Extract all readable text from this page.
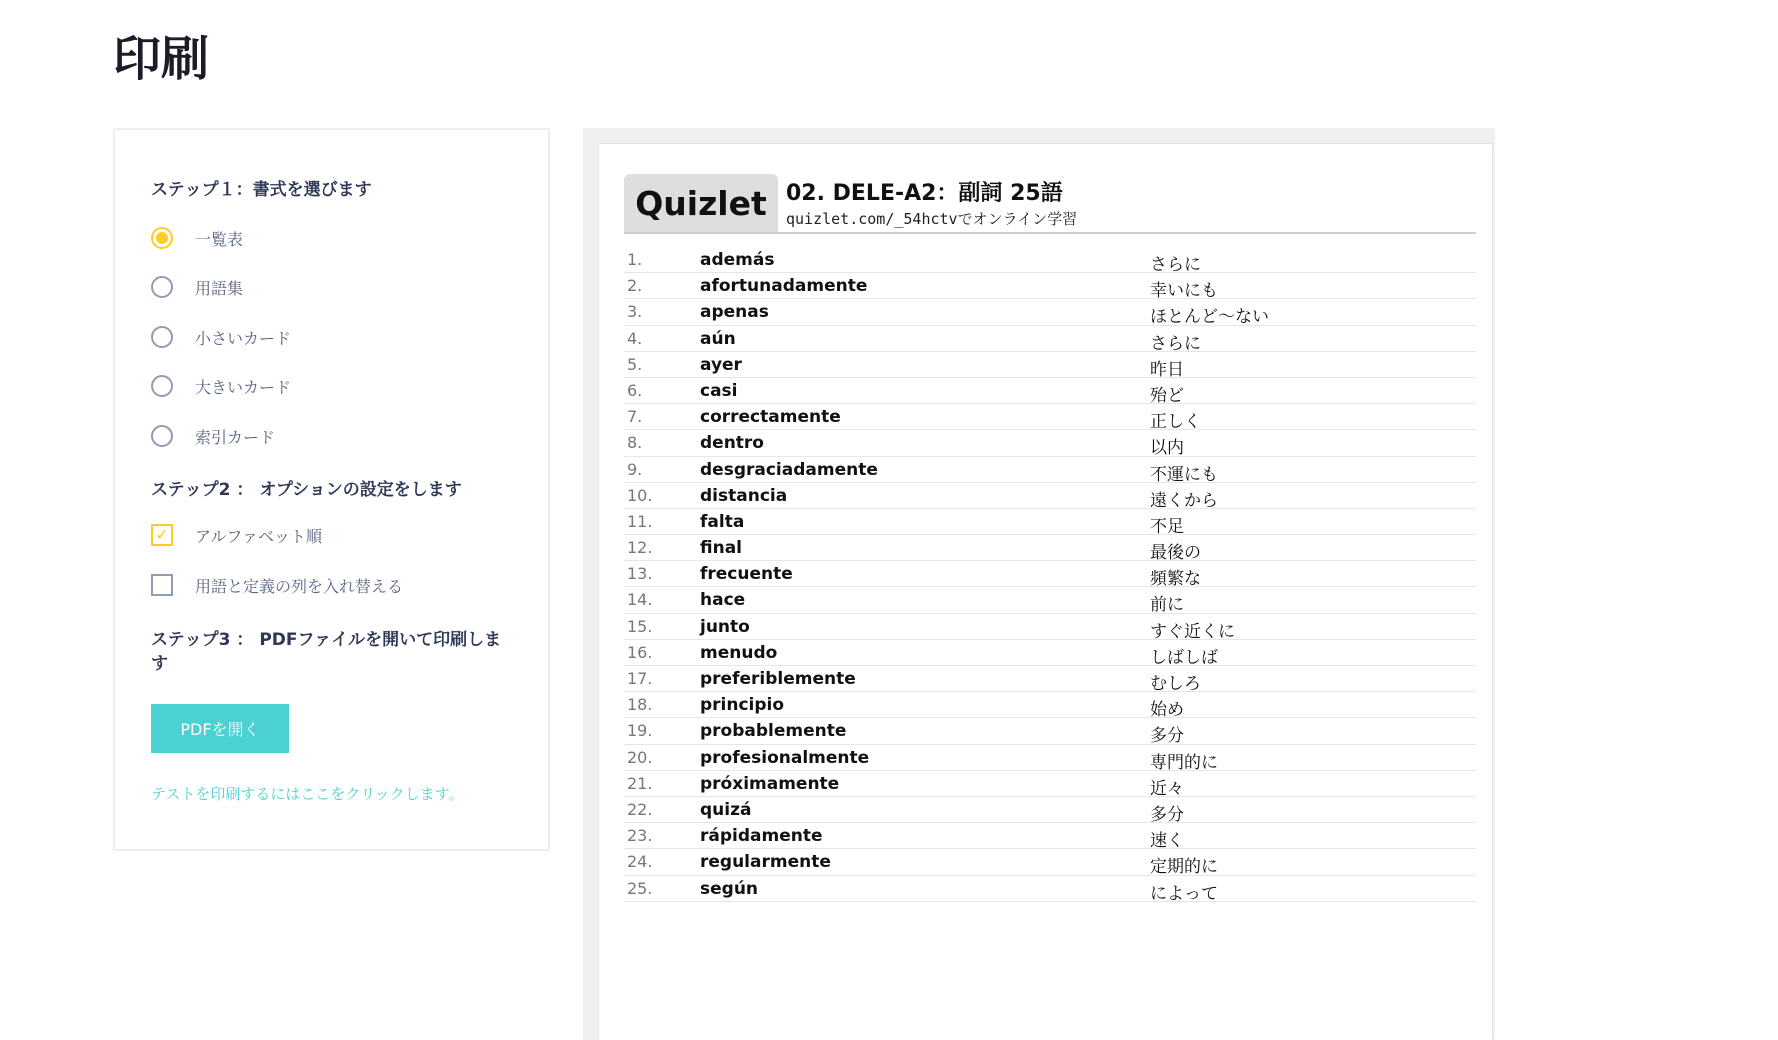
印刷
ステップ１：書式を選びます
一覧表
用語集
小さいカード
大きいカード
索引カード
ステップ2 ： オプションの設定をします
✓ アルファベット順
用語と定義の列を入れ替える
ステップ3 ： PDFファイルを開いて印刷します
PDFを開く
テストを印刷するにはここをクリックします。
Quizlet 02. DELE-A2：副詞 25語
quizlet.com/_54hctvでオンライン学習
1.	además	さらに
2.	afortunadamente	幸いにも
3.	apenas	ほとんど～ない
4.	aún	さらに
5.	ayer	昨日
6.	casi	殆ど
7.	correctamente	正しく
8.	dentro	以内
9.	desgraciadamente	不運にも
10.	distancia	遠くから
11.	falta	不足
12.	final	最後の
13.	frecuente	頻繁な
14.	hace	前に
15.	junto	すぐ近くに
16.	menudo	しばしば
17.	preferiblemente	むしろ
18.	principio	始め
19.	probablemente	多分
20.	profesionalmente	専門的に
21.	próximamente	近々
22.	quizá	多分
23.	rápidamente	速く
24.	regularmente	定期的に
25.	según	によって
